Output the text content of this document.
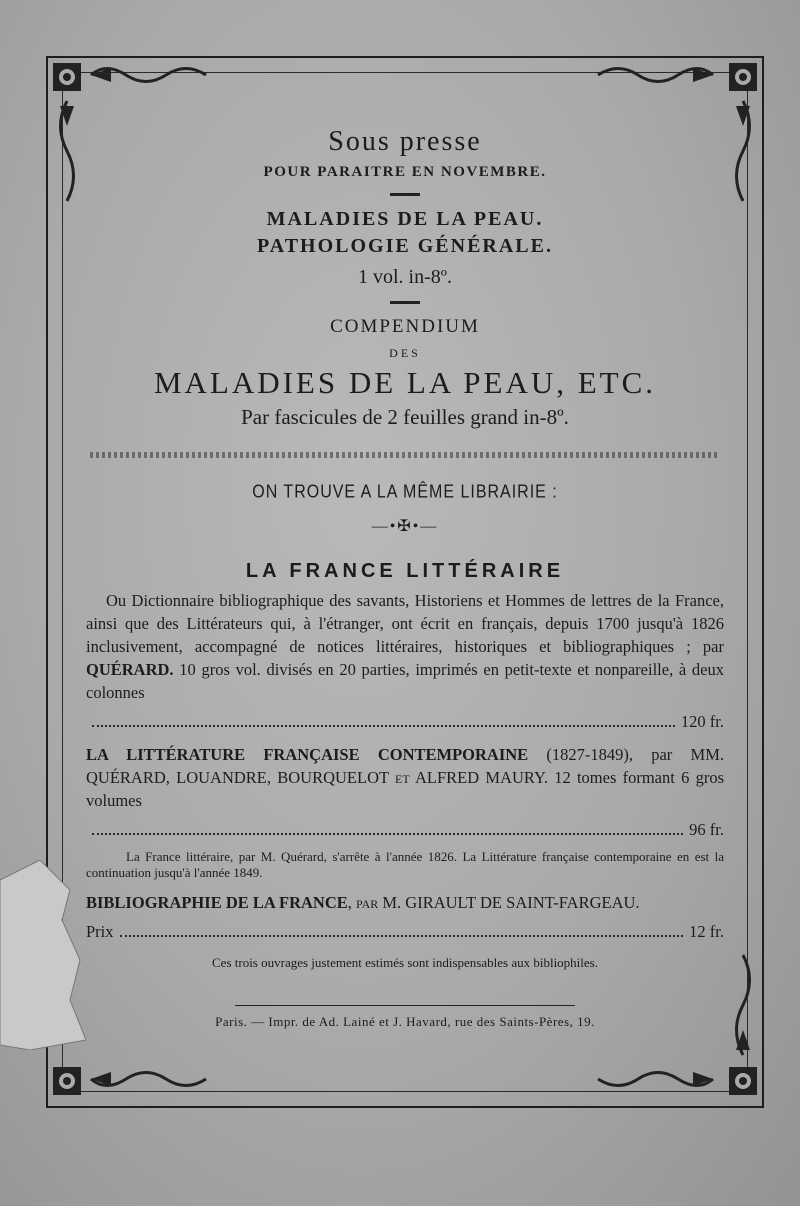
Sous presse
POUR PARAITRE EN NOVEMBRE.
MALADIES DE LA PEAU.
PATHOLOGIE GÉNÉRALE.
1 vol. in-8º.
COMPENDIUM
DES
MALADIES DE LA PEAU, ETC.
Par fascicules de 2 feuilles grand in-8º.
ON TROUVE A LA MÊME LIBRAIRIE :
—•✠•—
LA FRANCE LITTÉRAIRE
Ou Dictionnaire bibliographique des savants, Historiens et Hommes de lettres de la France, ainsi que des Littérateurs qui, à l'étranger, ont écrit en français, depuis 1700 jusqu'à 1826 inclusivement, accompagné de notices littéraires, historiques et bibliographiques ; par QUÉRARD. 10 gros vol. divisés en 20 parties, imprimés en petit-texte et nonpareille, à deux colonnes
120 fr.
LA LITTÉRATURE FRANÇAISE CONTEMPORAINE (1827-1849), par MM. QUÉRARD, LOUANDRE, BOURQUELOT et ALFRED MAURY. 12 tomes formant 6 gros volumes
96 fr.
La France littéraire, par M. Quérard, s'arrête à l'année 1826. La Littérature française contemporaine en est la continuation jusqu'à l'année 1849.
BIBLIOGRAPHIE DE LA FRANCE, par M. GIRAULT DE SAINT-FARGEAU.
Prix	12 fr.
Ces trois ouvrages justement estimés sont indispensables aux bibliophiles.
Paris. — Impr. de Ad. Lainé et J. Havard, rue des Saints-Pères, 19.
